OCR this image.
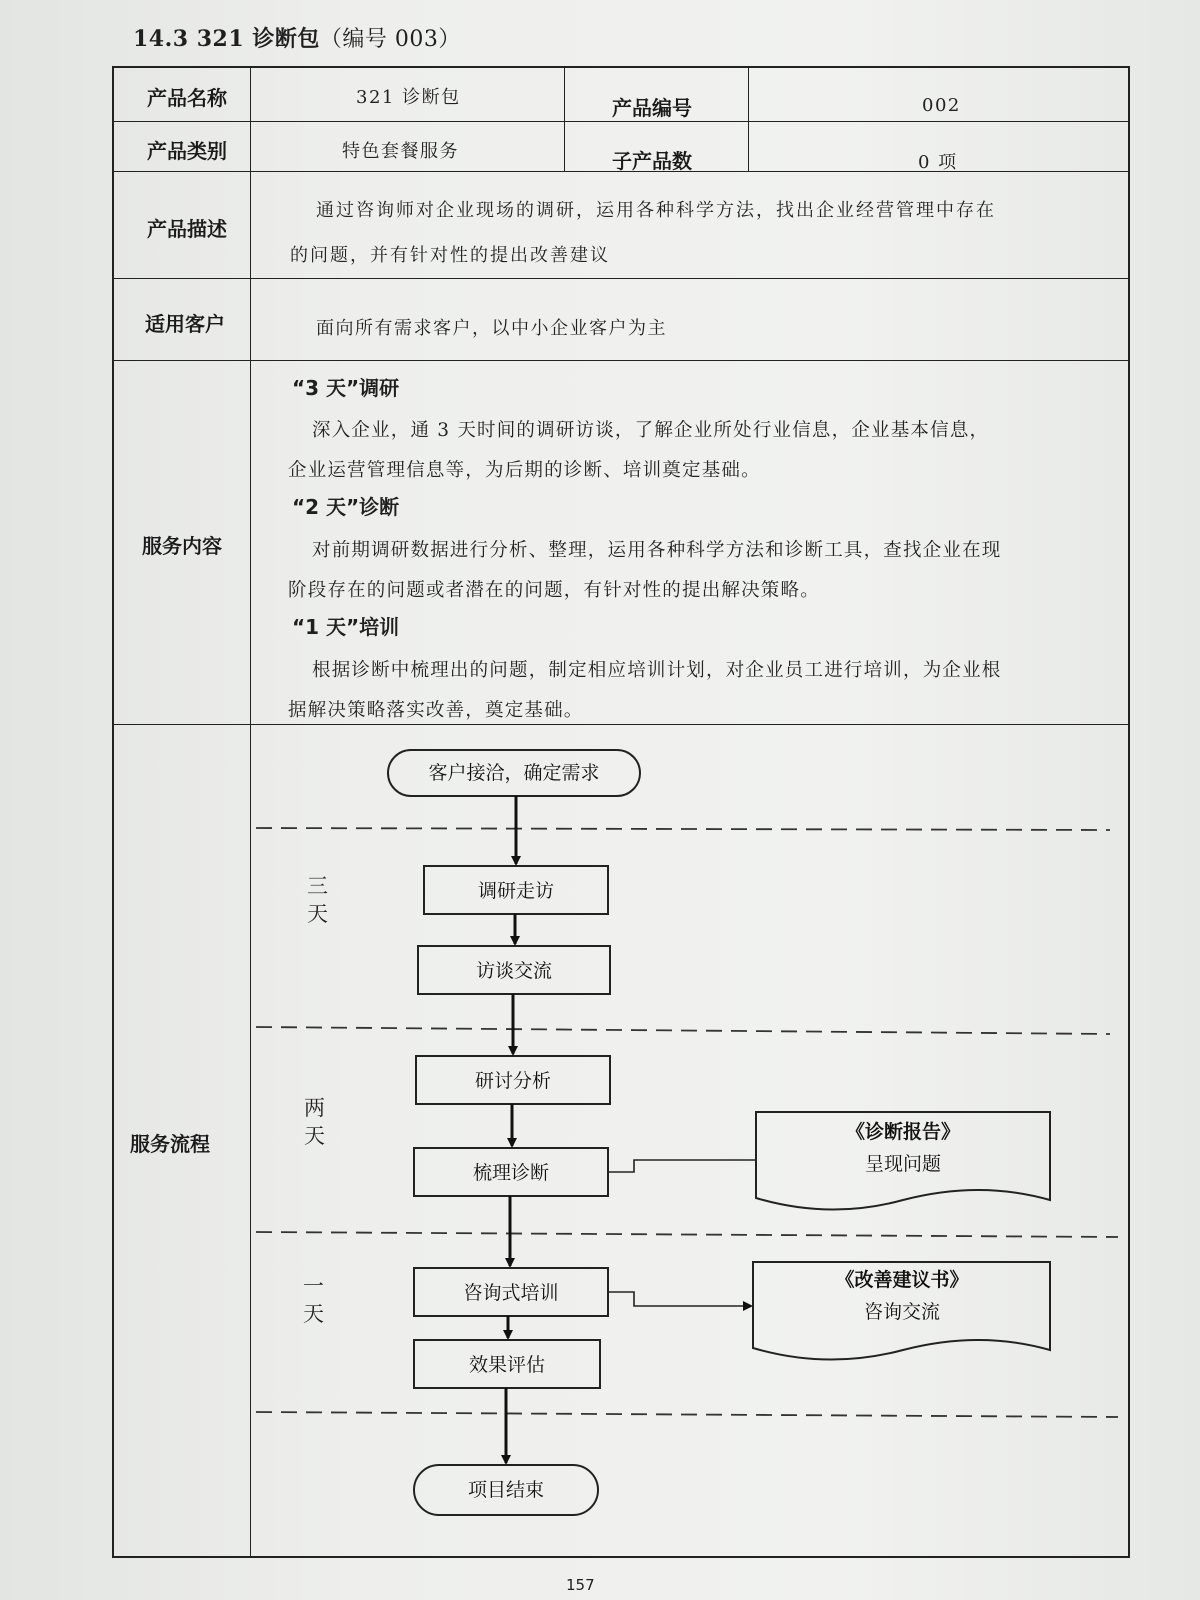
14.3 321 诊断包（编号 003）
产品名称	321 诊断包	产品编号	002
产品类别	特色套餐服务	子产品数	0 项
产品描述
通过咨询师对企业现场的调研，运用各种科学方法，找出企业经营管理中存在
的问题，并有针对性的提出改善建议
适用客户	面向所有需求客户，以中小企业客户为主
服务内容
“3 天”调研
深入企业，通 3 天时间的调研访谈，了解企业所处行业信息，企业基本信息，
企业运营管理信息等，为后期的诊断、培训奠定基础。
“2 天”诊断
对前期调研数据进行分析、整理，运用各种科学方法和诊断工具，查找企业在现
阶段存在的问题或者潜在的问题，有针对性的提出解决策略。
“1 天”培训
根据诊断中梳理出的问题，制定相应培训计划，对企业员工进行培训，为企业根
据解决策略落实改善，奠定基础。
服务流程
客户接洽，确定需求
调研走访
访谈交流
研讨分析
梳理诊断
咨询式培训
效果评估
项目结束
《诊断报告》
呈现问题
《改善建议书》
咨询交流
三天
两天
一天
157
